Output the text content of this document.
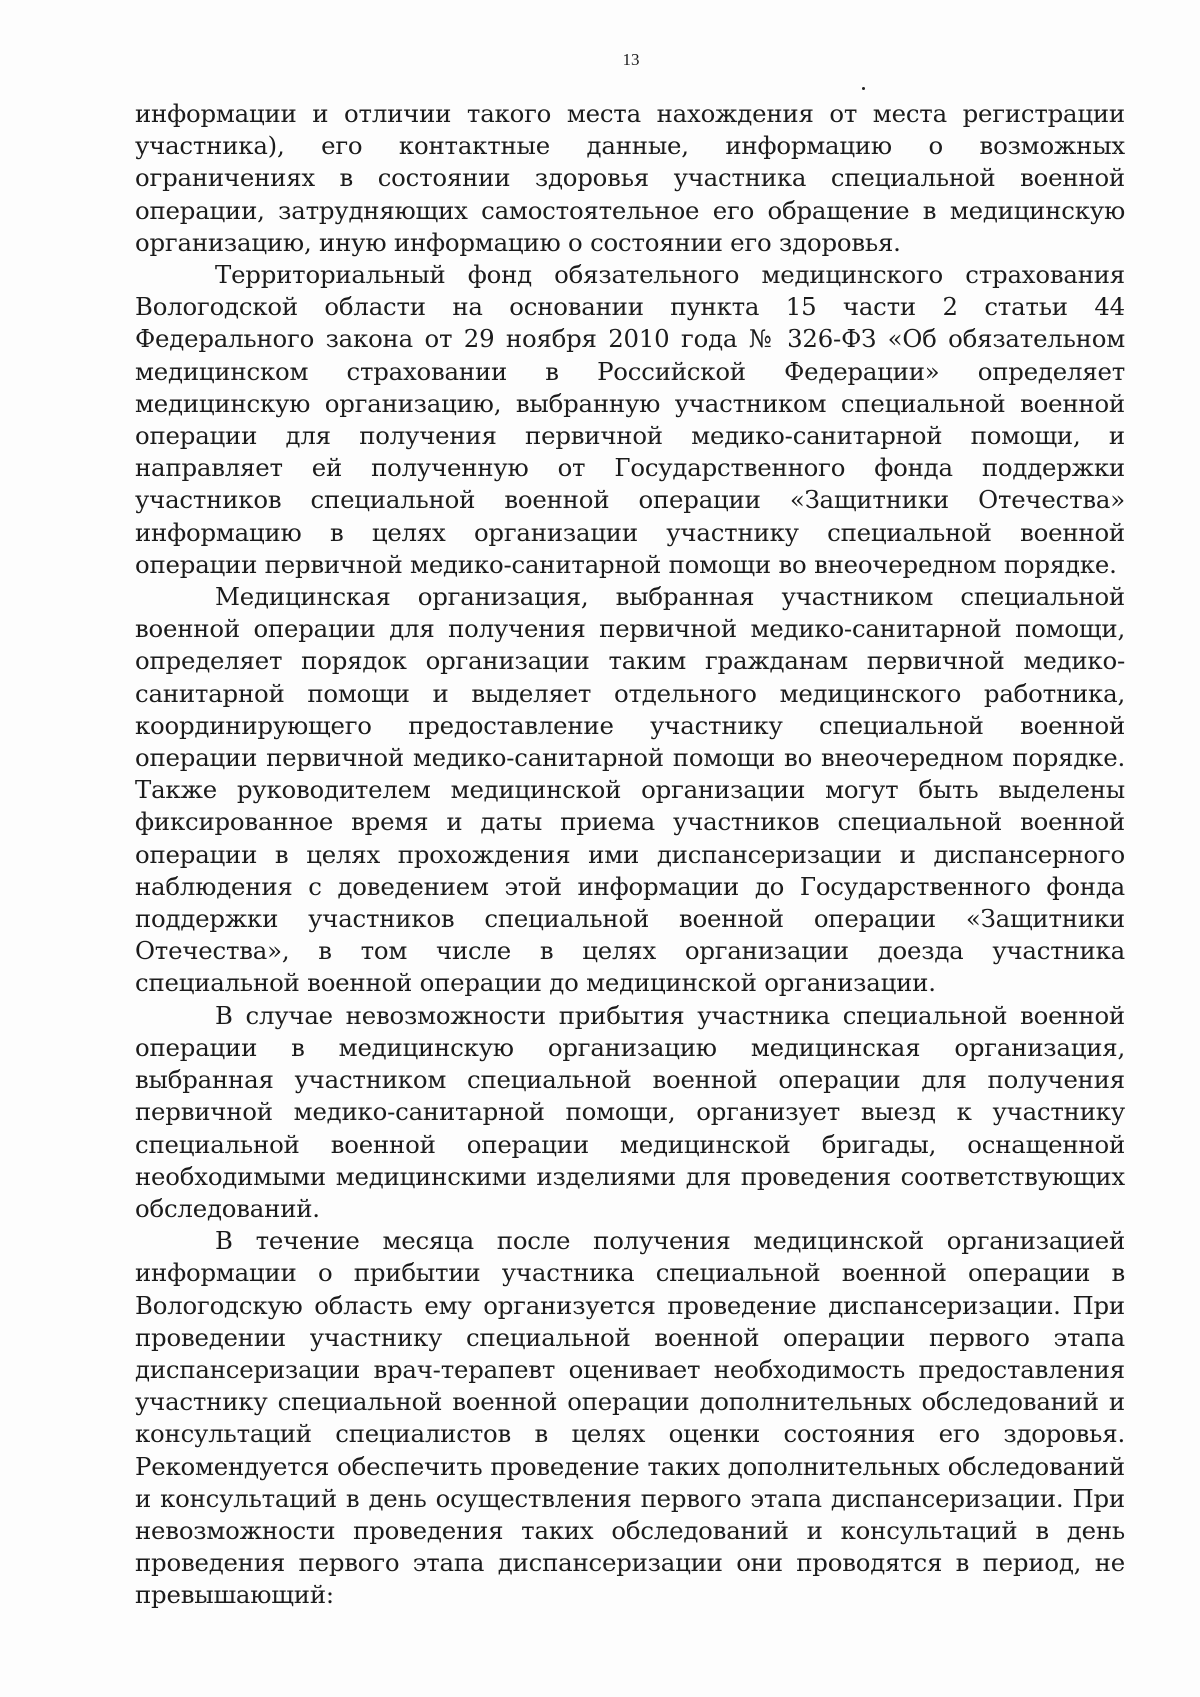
13

информации и отличии такого места нахождения от места регистрации участника), его контактные данные, информацию о возможных ограничениях в состоянии здоровья участника специальной военной операции, затрудняющих самостоятельное его обращение в медицинскую организацию, иную информацию о состоянии его здоровья.

Территориальный фонд обязательного медицинского страхования Вологодской области на основании пункта 15 части 2 статьи 44 Федерального закона от 29 ноября 2010 года № 326-ФЗ «Об обязательном медицинском страховании в Российской Федерации» определяет медицинскую организацию, выбранную участником специальной военной операции для получения первичной медико-санитарной помощи, и направляет ей полученную от Государственного фонда поддержки участников специальной военной операции «Защитники Отечества» информацию в целях организации участнику специальной военной операции первичной медико-санитарной помощи во внеочередном порядке.

Медицинская организация, выбранная участником специальной военной операции для получения первичной медико-санитарной помощи, определяет порядок организации таким гражданам первичной медико-санитарной помощи и выделяет отдельного медицинского работника, координирующего предоставление участнику специальной военной операции первичной медико-санитарной помощи во внеочередном порядке. Также руководителем медицинской организации могут быть выделены фиксированное время и даты приема участников специальной военной операции в целях прохождения ими диспансеризации и диспансерного наблюдения с доведением этой информации до Государственного фонда поддержки участников специальной военной операции «Защитники Отечества», в том числе в целях организации доезда участника специальной военной операции до медицинской организации.

В случае невозможности прибытия участника специальной военной операции в медицинскую организацию медицинская организация, выбранная участником специальной военной операции для получения первичной медико-санитарной помощи, организует выезд к участнику специальной военной операции медицинской бригады, оснащенной необходимыми медицинскими изделиями для проведения соответствующих обследований.

В течение месяца после получения медицинской организацией информации о прибытии участника специальной военной операции в Вологодскую область ему организуется проведение диспансеризации. При проведении участнику специальной военной операции первого этапа диспансеризации врач-терапевт оценивает необходимость предоставления участнику специальной военной операции дополнительных обследований и консультаций специалистов в целях оценки состояния его здоровья. Рекомендуется обеспечить проведение таких дополнительных обследований и консультаций в день осуществления первого этапа диспансеризации. При невозможности проведения таких обследований и консультаций в день проведения первого этапа диспансеризации они проводятся в период, не превышающий:
